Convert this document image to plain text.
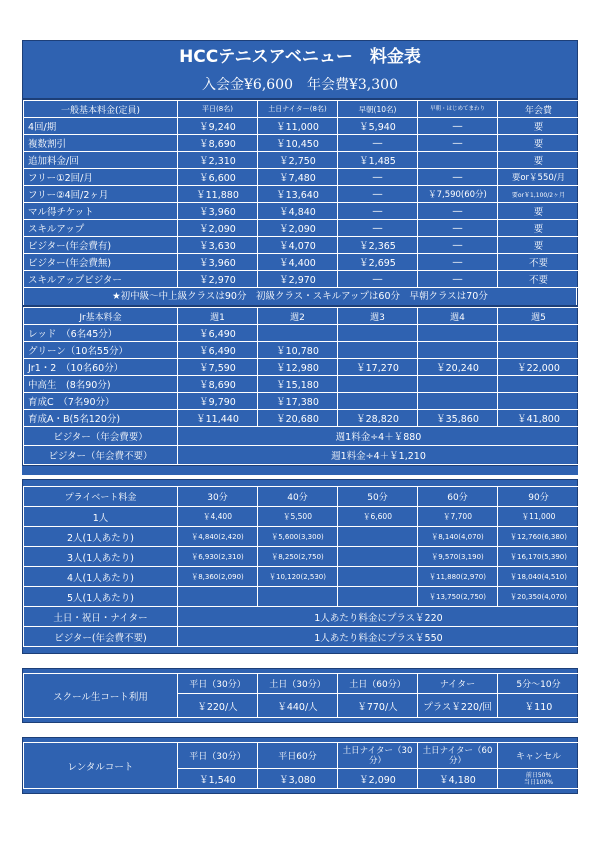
HCCテニスアベニュー　料金表
入会金¥6,600　年会費¥3,300
一般基本料金(定員)	平日(8名)	土日ナイター(8名)	早朝(10名)	早朝・はじめてまわり	年会費
4回/期	￥9,240	￥11,000	￥5,940	―	要
複数割引	￥8,690	￥10,450	―	―	要
追加料金/回	￥2,310	￥2,750	￥1,485		要
フリー①2回/月	￥6,600	￥7,480	―	―	要or￥550/月
フリー②4回/2ヶ月	￥11,880	￥13,640	―	￥7,590(60分)	要or￥1,100/2ヶ月
マル得チケット	￥3,960	￥4,840	―	―	要
スキルアップ	￥2,090	￥2,090	―	―	要
ビジター(年会費有)	￥3,630	￥4,070	￥2,365	―	要
ビジター(年会費無)	￥3,960	￥4,400	￥2,695	―	不要
スキルアップビジター	￥2,970	￥2,970	―	―	不要
★初中級～中上級クラスは90分　初級クラス・スキルアップは60分　早朝クラスは70分
Jr基本料金	週1	週2	週3	週4	週5
レッド　（6名45分）	￥6,490				
グリーン（10名55分）	￥6,490	￥10,780			
Jr1・2　（10名60分）	￥7,590	￥12,980	￥17,270	￥20,240	￥22,000
中高生　(8名90分)	￥8,690	￥15,180			
育成C　（7名90分）	￥9,790	￥17,380			
育成A・B(5名120分)	￥11,440	￥20,680	￥28,820	￥35,860	￥41,800
ビジター（年会費要）	週1料金÷4＋￥880				
ビジター（年会費不要）	週1料金÷4＋￥1,210				
プライベート料金	30分	40分	50分	60分	90分
1人	￥4,400	￥5,500	￥6,600	￥7,700	￥11,000
2人(1人あたり)	￥4,840(2,420)	￥5,600(3,300)		￥8,140(4,070)	￥12,760(6,380)
3人(1人あたり)	￥6,930(2,310)	￥8,250(2,750)		￥9,570(3,190)	￥16,170(5,390)
4人(1人あたり)	￥8,360(2,090)	￥10,120(2,530)		￥11,880(2,970)	￥18,040(4,510)
5人(1人あたり)				￥13,750(2,750)	￥20,350(4,070)
土日・祝日・ナイター	1人あたり料金にプラス￥220				
ビジター(年会費不要)	1人あたり料金にプラス￥550				
スクール生コート利用	平日（30分）	土日（30分）	土日（60分）	ナイター	5分～10分
	￥220/人	￥440/人	￥770/人	プラス￥220/回	￥110
レンタルコート	平日（30分）	平日60分	土日ナイター（30分）	土日ナイター（60分）	キャンセル
	￥1,540	￥3,080	￥2,090	￥4,180	前日50%
当日100%
